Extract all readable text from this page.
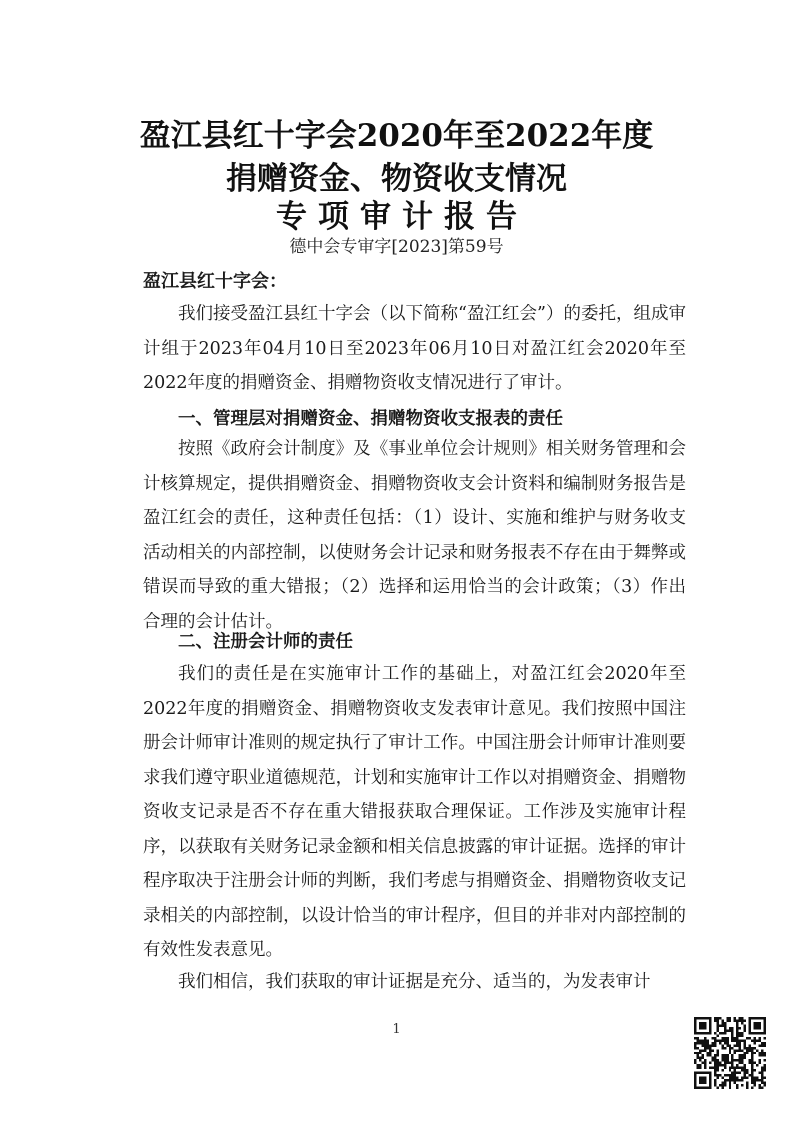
盈江县红十字会2020年至2022年度
捐赠资金、物资收支情况
专项审计报告
德中会专审字[2023]第59号
盈江县红十字会：

我们接受盈江县红十字会（以下简称“盈江红会”）的委托，组成审计组于2023年04月10日至2023年06月10日对盈江红会2020年至2022年度的捐赠资金、捐赠物资收支情况进行了审计。

一、管理层对捐赠资金、捐赠物资收支报表的责任

按照《政府会计制度》及《事业单位会计规则》相关财务管理和会计核算规定，提供捐赠资金、捐赠物资收支会计资料和编制财务报告是盈江红会的责任，这种责任包括：（1）设计、实施和维护与财务收支活动相关的内部控制，以使财务会计记录和财务报表不存在由于舞弊或错误而导致的重大错报；（2）选择和运用恰当的会计政策；（3）作出合理的会计估计。

二、注册会计师的责任

我们的责任是在实施审计工作的基础上，对盈江红会2020年至2022年度的捐赠资金、捐赠物资收支发表审计意见。我们按照中国注册会计师审计准则的规定执行了审计工作。中国注册会计师审计准则要求我们遵守职业道德规范，计划和实施审计工作以对捐赠资金、捐赠物资收支记录是否不存在重大错报获取合理保证。工作涉及实施审计程序，以获取有关财务记录金额和相关信息披露的审计证据。选择的审计程序取决于注册会计师的判断，我们考虑与捐赠资金、捐赠物资收支记录相关的内部控制，以设计恰当的审计程序，但目的并非对内部控制的有效性发表意见。

我们相信，我们获取的审计证据是充分、适当的，为发表审计

1
